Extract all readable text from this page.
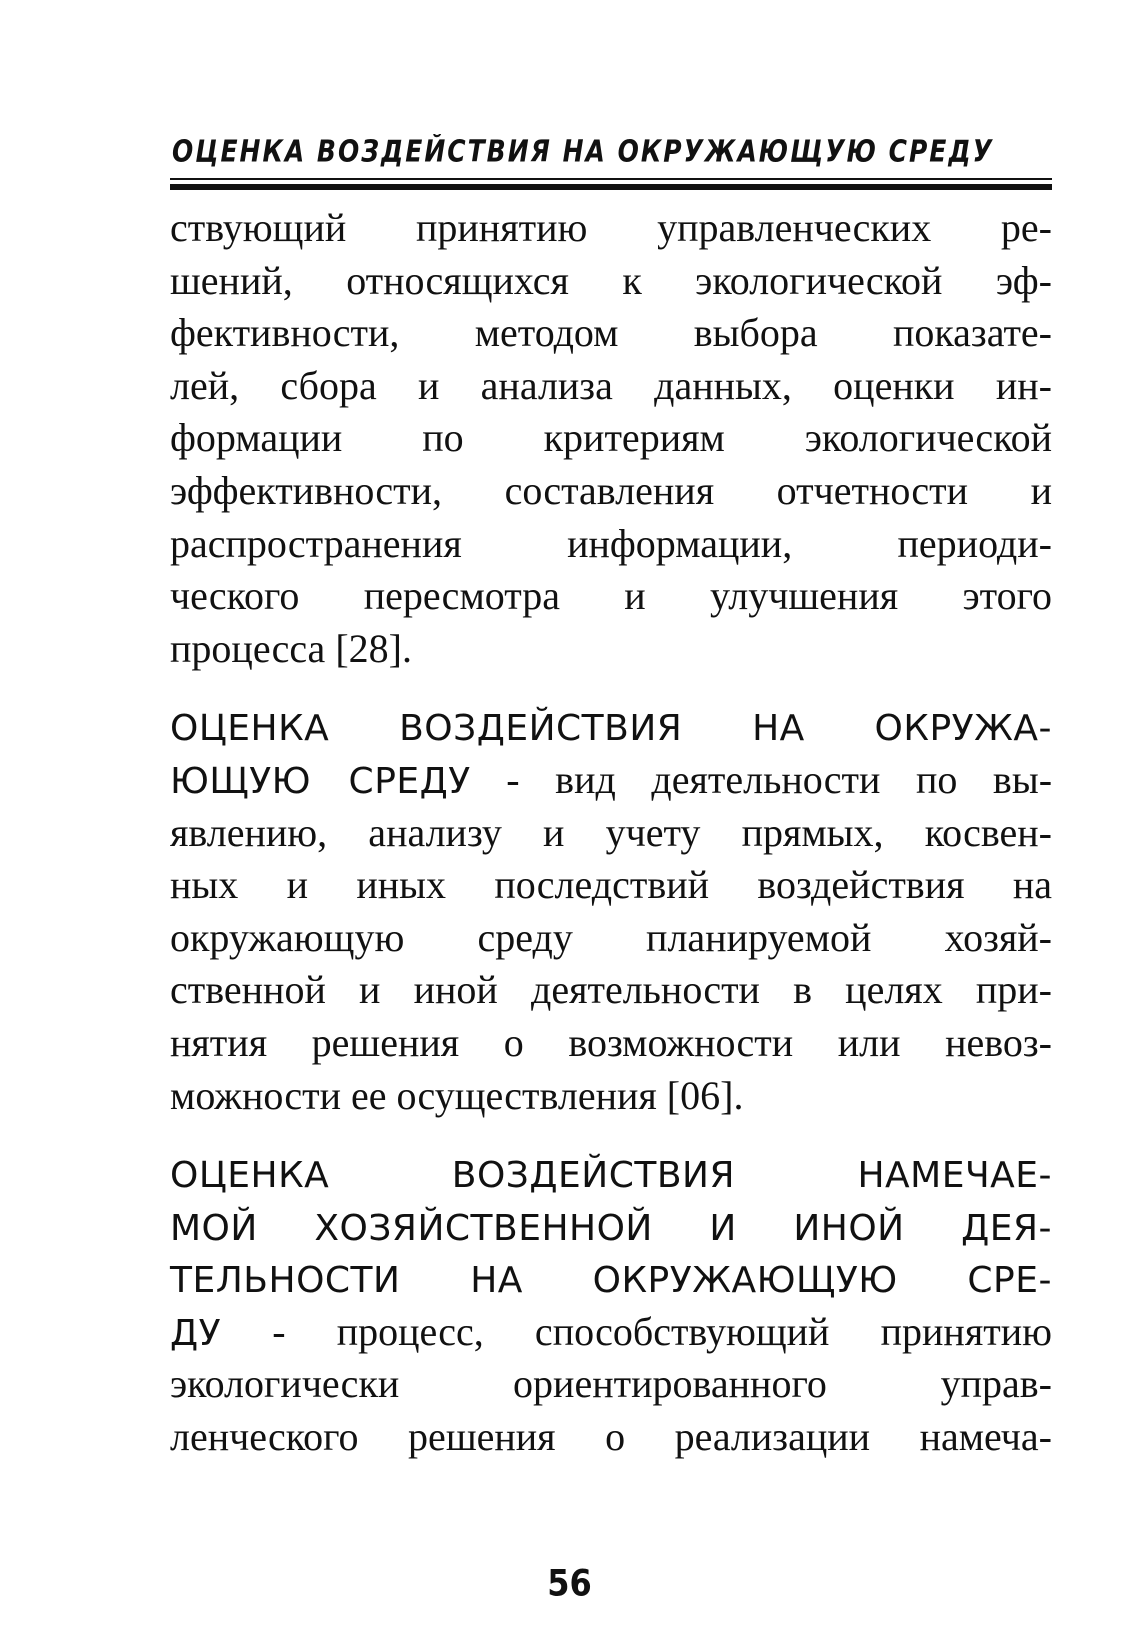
ОЦЕНКА ВОЗДЕЙСТВИЯ НА ОКРУЖАЮЩУЮ СРЕДУ

ствующий принятию управленческих ре-
шений, относящихся к экологической эф-
фективности, методом выбора показате-
лей, сбора и анализа данных, оценки ин-
формации по критериям экологической
эффективности, составления отчетности и
распространения информации, периоди-
ческого пересмотра и улучшения этого
процесса [28].

ОЦЕНКА ВОЗДЕЙСТВИЯ НА ОКРУЖА-
ЮЩУЮ СРЕДУ - вид деятельности по вы-
явлению, анализу и учету прямых, косвен-
ных и иных последствий воздействия на
окружающую среду планируемой хозяй-
ственной и иной деятельности в целях при-
нятия решения о возможности или невоз-
можности ее осуществления [06].

ОЦЕНКА ВОЗДЕЙСТВИЯ НАМЕЧАЕ-
МОЙ ХОЗЯЙСТВЕННОЙ И ИНОЙ ДЕЯ-
ТЕЛЬНОСТИ НА ОКРУЖАЮЩУЮ СРЕ-
ДУ - процесс, способствующий принятию
экологически ориентированного управ-
ленческого решения о реализации намеча-

56
